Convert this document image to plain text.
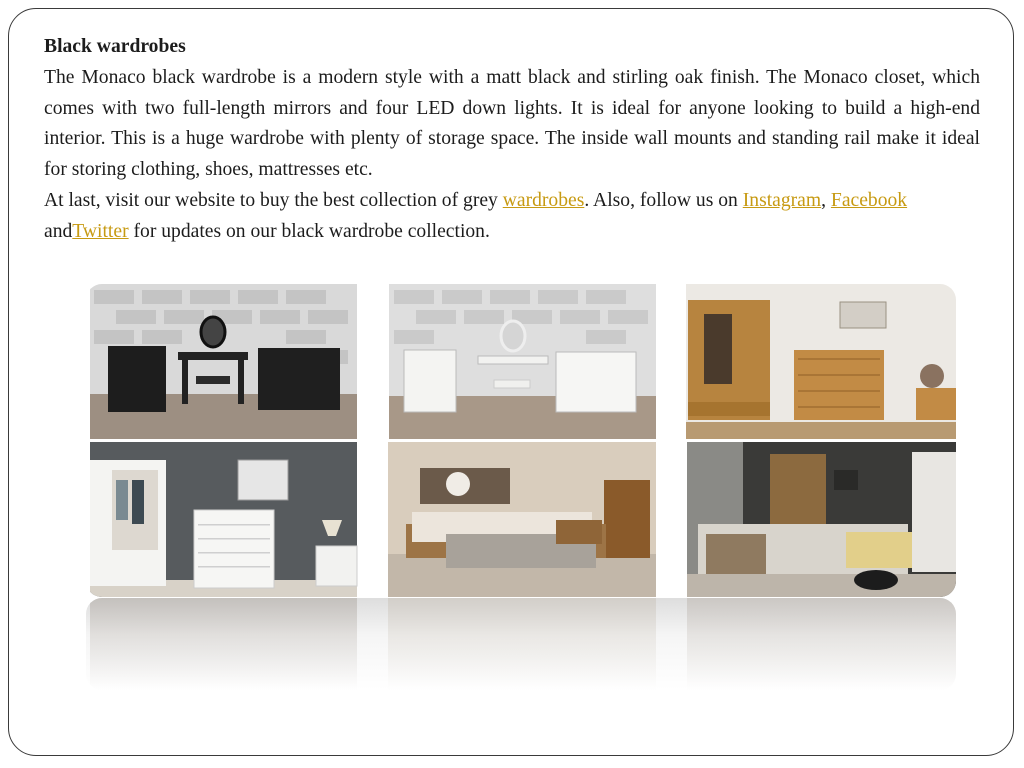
Black wardrobes

The Monaco black wardrobe is a modern style with a matt black and stirling oak finish. The Monaco closet, which comes with two full-length mirrors and four LED down lights. It is ideal for anyone looking to build a high-end interior. This is a huge wardrobe with plenty of storage space. The inside wall mounts and standing rail make it ideal for storing clothing, shoes, mattresses etc.

At last, visit our website to buy the best collection of grey wardrobes. Also, follow us on Instagram, Facebook andTwitter for updates on our black wardrobe collection.
